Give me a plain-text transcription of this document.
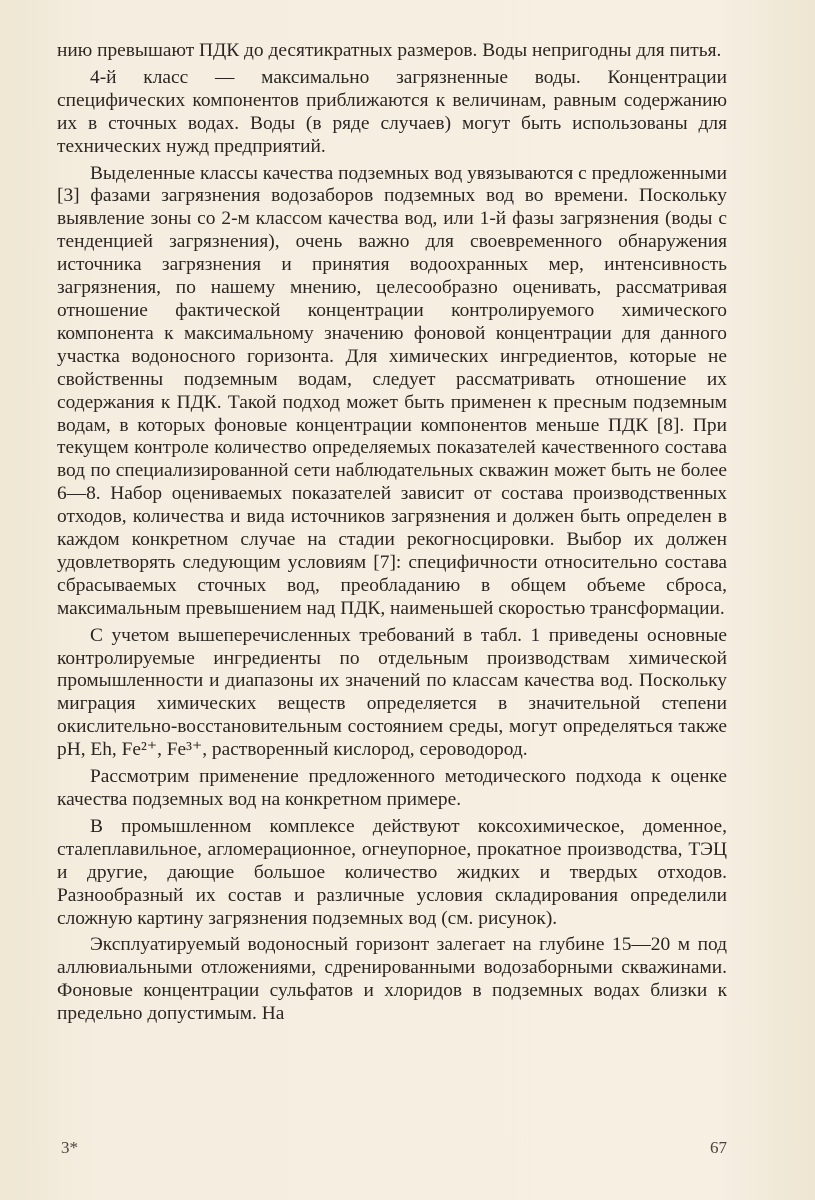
нию превышают ПДК до десятикратных размеров. Воды непригодны для питья.

4-й класс — максимально загрязненные воды. Концентрации специфических компонентов приближаются к величинам, равным содержанию их в сточных водах. Воды (в ряде случаев) могут быть использованы для технических нужд предприятий.

Выделенные классы качества подземных вод увязываются с предложенными [3] фазами загрязнения водозаборов подземных вод во времени. Поскольку выявление зоны со 2-м классом качества вод, или 1-й фазы загрязнения (воды с тенденцией загрязнения), очень важно для своевременного обнаружения источника загрязнения и принятия водоохранных мер, интенсивность загрязнения, по нашему мнению, целесообразно оценивать, рассматривая отношение фактической концентрации контролируемого химического компонента к максимальному значению фоновой концентрации для данного участка водоносного горизонта. Для химических ингредиентов, которые не свойственны подземным водам, следует рассматривать отношение их содержания к ПДК. Такой подход может быть применен к пресным подземным водам, в которых фоновые концентрации компонентов меньше ПДК [8]. При текущем контроле количество определяемых показателей качественного состава вод по специализированной сети наблюдательных скважин может быть не более 6—8. Набор оцениваемых показателей зависит от состава производственных отходов, количества и вида источников загрязнения и должен быть определен в каждом конкретном случае на стадии рекогносцировки. Выбор их должен удовлетворять следующим условиям [7]: специфичности относительно состава сбрасываемых сточных вод, преобладанию в общем объеме сброса, максимальным превышением над ПДК, наименьшей скоростью трансформации.

С учетом вышеперечисленных требований в табл. 1 приведены основные контролируемые ингредиенты по отдельным производствам химической промышленности и диапазоны их значений по классам качества вод. Поскольку миграция химических веществ определяется в значительной степени окислительно-восстановительным состоянием среды, могут определяться также pH, Eh, Fe²⁺, Fe³⁺, растворенный кислород, сероводород.

Рассмотрим применение предложенного методического подхода к оценке качества подземных вод на конкретном примере.

В промышленном комплексе действуют коксохимическое, доменное, сталеплавильное, агломерационное, огнеупорное, прокатное производства, ТЭЦ и другие, дающие большое количество жидких и твердых отходов. Разнообразный их состав и различные условия складирования определили сложную картину загрязнения подземных вод (см. рисунок).

Эксплуатируемый водоносный горизонт залегает на глубине 15—20 м под аллювиальными отложениями, сдренированными водозаборными скважинами. Фоновые концентрации сульфатов и хлоридов в подземных водах близки к предельно допустимым. На

3*	67
